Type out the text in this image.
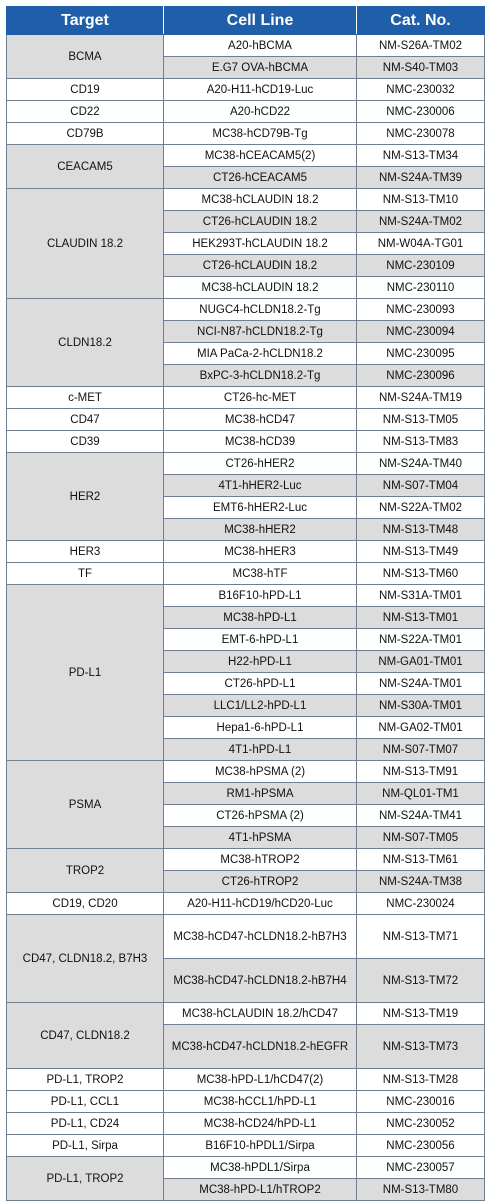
Target	Cell Line	Cat. No.
BCMA	A20-hBCMA	NM-S26A-TM02
	E.G7 OVA-hBCMA	NM-S40-TM03
CD19	A20-H11-hCD19-Luc	NMC-230032
CD22	A20-hCD22	NMC-230006
CD79B	MC38-hCD79B-Tg	NMC-230078
CEACAM5	MC38-hCEACAM5(2)	NM-S13-TM34
	CT26-hCEACAM5	NM-S24A-TM39
CLAUDIN 18.2	MC38-hCLAUDIN 18.2	NM-S13-TM10
	CT26-hCLAUDIN 18.2	NM-S24A-TM02
	HEK293T-hCLAUDIN 18.2	NM-W04A-TG01
	CT26-hCLAUDIN 18.2	NMC-230109
	MC38-hCLAUDIN 18.2	NMC-230110
CLDN18.2	NUGC4-hCLDN18.2-Tg	NMC-230093
	NCI-N87-hCLDN18.2-Tg	NMC-230094
	MIA PaCa-2-hCLDN18.2	NMC-230095
	BxPC-3-hCLDN18.2-Tg	NMC-230096
c-MET	CT26-hc-MET	NM-S24A-TM19
CD47	MC38-hCD47	NM-S13-TM05
CD39	MC38-hCD39	NM-S13-TM83
HER2	CT26-hHER2	NM-S24A-TM40
	4T1-hHER2-Luc	NM-S07-TM04
	EMT6-hHER2-Luc	NM-S22A-TM02
	MC38-hHER2	NM-S13-TM48
HER3	MC38-hHER3	NM-S13-TM49
TF	MC38-hTF	NM-S13-TM60
PD-L1	B16F10-hPD-L1	NM-S31A-TM01
	MC38-hPD-L1	NM-S13-TM01
	EMT-6-hPD-L1	NM-S22A-TM01
	H22-hPD-L1	NM-GA01-TM01
	CT26-hPD-L1	NM-S24A-TM01
	LLC1/LL2-hPD-L1	NM-S30A-TM01
	Hepa1-6-hPD-L1	NM-GA02-TM01
	4T1-hPD-L1	NM-S07-TM07
PSMA	MC38-hPSMA (2)	NM-S13-TM91
	RM1-hPSMA	NM-QL01-TM1
	CT26-hPSMA (2)	NM-S24A-TM41
	4T1-hPSMA	NM-S07-TM05
TROP2	MC38-hTROP2	NM-S13-TM61
	CT26-hTROP2	NM-S24A-TM38
CD19, CD20	A20-H11-hCD19/hCD20-Luc	NMC-230024
CD47, CLDN18.2, B7H3	MC38-hCD47-hCLDN18.2-hB7H3	NM-S13-TM71
	MC38-hCD47-hCLDN18.2-hB7H4	NM-S13-TM72
CD47, CLDN18.2	MC38-hCLAUDIN 18.2/hCD47	NM-S13-TM19
	MC38-hCD47-hCLDN18.2-hEGFR	NM-S13-TM73
PD-L1, TROP2	MC38-hPD-L1/hCD47(2)	NM-S13-TM28
PD-L1, CCL1	MC38-hCCL1/hPD-L1	NMC-230016
PD-L1, CD24	MC38-hCD24/hPD-L1	NMC-230052
PD-L1, Sirpa	B16F10-hPDL1/Sirpa	NMC-230056
PD-L1, TROP2	MC38-hPDL1/Sirpa	NMC-230057
	MC38-hPD-L1/hTROP2	NM-S13-TM80
